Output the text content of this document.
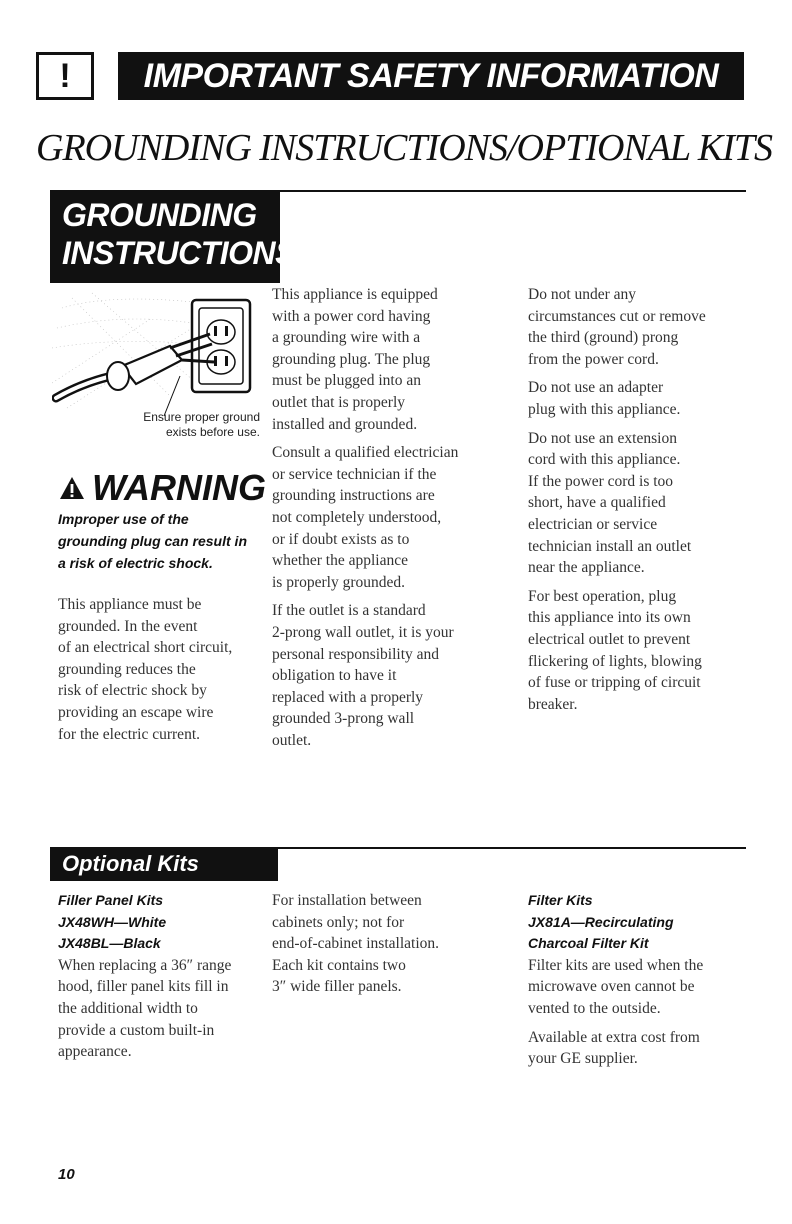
!	IMPORTANT SAFETY INFORMATION
GROUNDING INSTRUCTIONS/OPTIONAL KITS
GROUNDING
INSTRUCTIONS
Ensure proper ground
exists before use.
WARNING
Improper use of the
grounding plug can result in
a risk of electric shock.

This appliance must be
grounded. In the event
of an electrical short circuit,
grounding reduces the
risk of electric shock by
providing an escape wire
for the electric current.

This appliance is equipped
with a power cord having
a grounding wire with a
grounding plug. The plug
must be plugged into an
outlet that is properly
installed and grounded.

Consult a qualified electrician
or service technician if the
grounding instructions are
not completely understood,
or if doubt exists as to
whether the appliance
is properly grounded.

If the outlet is a standard
2-prong wall outlet, it is your
personal responsibility and
obligation to have it
replaced with a properly
grounded 3-prong wall
outlet.

Do not under any
circumstances cut or remove
the third (ground) prong
from the power cord.

Do not use an adapter
plug with this appliance.

Do not use an extension
cord with this appliance.
If the power cord is too
short, have a qualified
electrician or service
technician install an outlet
near the appliance.

For best operation, plug
this appliance into its own
electrical outlet to prevent
flickering of lights, blowing
of fuse or tripping of circuit
breaker.

Optional Kits
Filler Panel Kits
JX48WH—White
JX48BL—Black

When replacing a 36″ range
hood, filler panel kits fill in
the additional width to
provide a custom built-in
appearance.

For installation between
cabinets only; not for
end-of-cabinet installation.
Each kit contains two
3″ wide filler panels.

Filter Kits
JX81A—Recirculating
Charcoal Filter Kit

Filter kits are used when the
microwave oven cannot be
vented to the outside.

Available at extra cost from
your GE supplier.

10
